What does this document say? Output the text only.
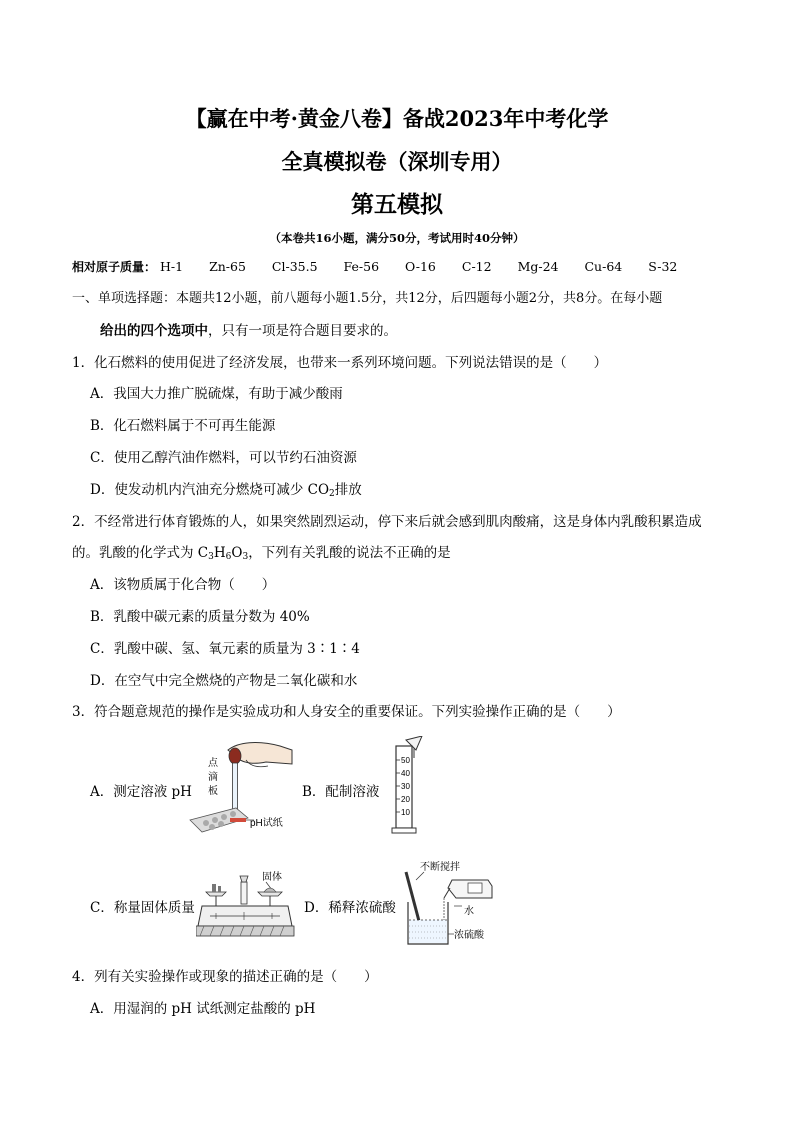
【赢在中考·黄金八卷】备战2023年中考化学
全真模拟卷（深圳专用）
第五模拟
（本卷共16小题，满分50分，考试用时40分钟）
相对原子质量： H-1 Zn-65 Cl-35.5 Fe-56 O-16 C-12 Mg-24 Cu-64 S-32
一、单项选择题：本题共12小题，前八题每小题1.5分，共12分，后四题每小题2分，共8分。在每小题
给出的四个选项中，只有一项是符合题目要求的。
1．化石燃料的使用促进了经济发展，也带来一系列环境问题。下列说法错误的是（　　）
A．我国大力推广脱硫煤，有助于减少酸雨
B．化石燃料属于不可再生能源
C．使用乙醇汽油作燃料，可以节约石油资源
D．使发动机内汽油充分燃烧可减少 $CO_2$排放
2．不经常进行体育锻炼的人，如果突然剧烈运动，停下来后就会感到肌肉酸痛，这是身体内乳酸积累造成
的。乳酸的化学式为 $C_3H_6O_3$，下列有关乳酸的说法不正确的是
A．该物质属于化合物（　　）
B．乳酸中碳元素的质量分数为 40%
C．乳酸中碳、氢、氧元素的质量为 3∶1∶4
D．在空气中完全燃烧的产物是二氧化碳和水
3．符合题意规范的操作是实验成功和人身安全的重要保证。下列实验操作正确的是（　　）
A．测定溶液 pH
点
滴
板
pH试纸
B．配制溶液
50
40
30
20
10
C．称量固体质量
固体
D．稀释浓硫酸
不断搅拌
水
浓硫酸
4．列有关实验操作或现象的描述正确的是（　　）
A．用湿润的 pH 试纸测定盐酸的 pH
